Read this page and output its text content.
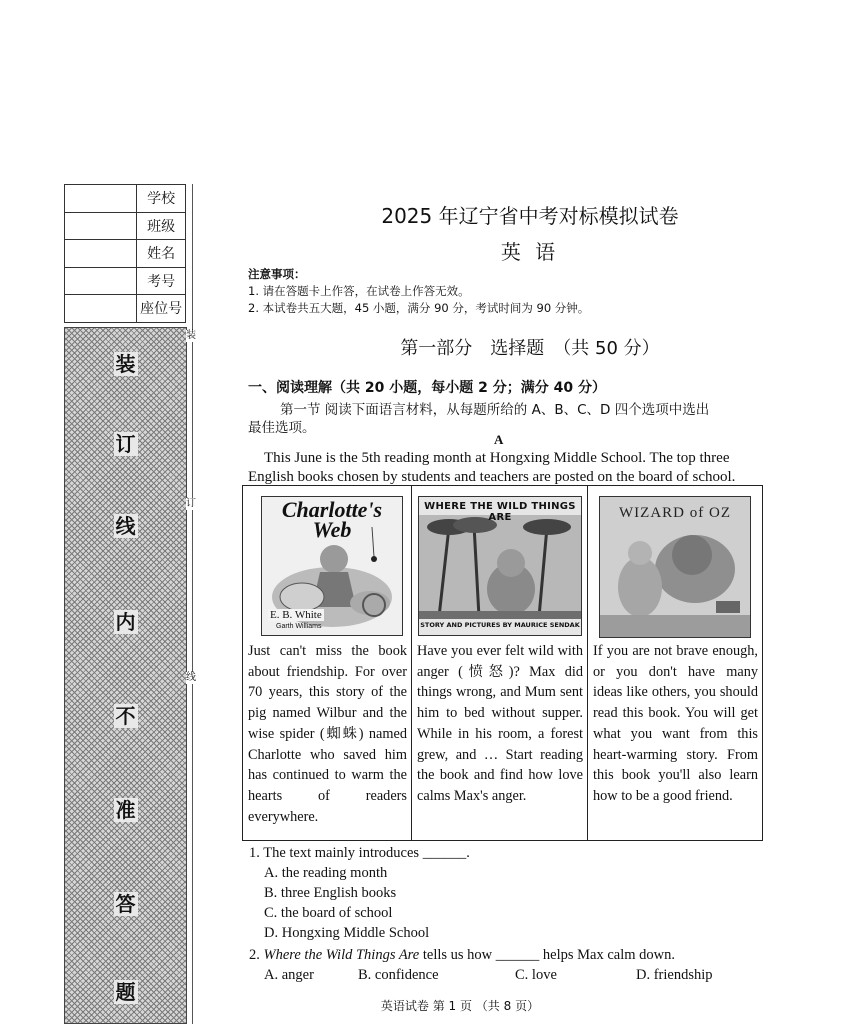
	学校
	班级
	姓名
	考号
	座位号
装
订
线
内
不
准
答
题
装
订
线
2025 年辽宁省中考对标模拟试卷
英 语
注意事项：
1. 请在答题卡上作答，在试卷上作答无效。
2. 本试卷共五大题，45 小题，满分 90 分，考试时间为 90 分钟。
第一部分　选择题　（共 50 分）
一、阅读理解（共 20 小题，每小题 2 分；满分 40 分）
第一节 阅读下面语言材料，从每题所给的 A、B、C、D 四个选项中选出
最佳选项。
A
This June is the 5th reading month at Hongxing Middle School. The top three
English books chosen by students and teachers are posted on the board of school.
Charlotte's
Web
E. B. White
Garth Williams
Just can't miss the book about friendship. For over 70 years, this story of the pig named Wilbur and the wise spider (蜘蛛) named Charlotte who saved him has continued to warm the hearts of readers everywhere.
WHERE THE WILD THINGS ARE
STORY AND PICTURES BY MAURICE SENDAK
Have you ever felt wild with anger (愤怒)? Max did things wrong, and Mum sent him to bed without supper. While in his room, a forest grew, and … Start reading the book and find how love calms Max's anger.
WIZARD of OZ
If you are not brave enough, or you don't have many ideas like others, you should read this book. You will get what you want from this heart-warming story. From this book you'll also learn how to be a good friend.
1. The text mainly introduces ______.
A. the reading month
B. three English books
C. the board of school
D. Hongxing Middle School
2. Where the Wild Things Are tells us how ______ helps Max calm down.
A. anger	B. confidence	C. love	D. friendship
英语试卷 第 1 页 （共 8 页）
